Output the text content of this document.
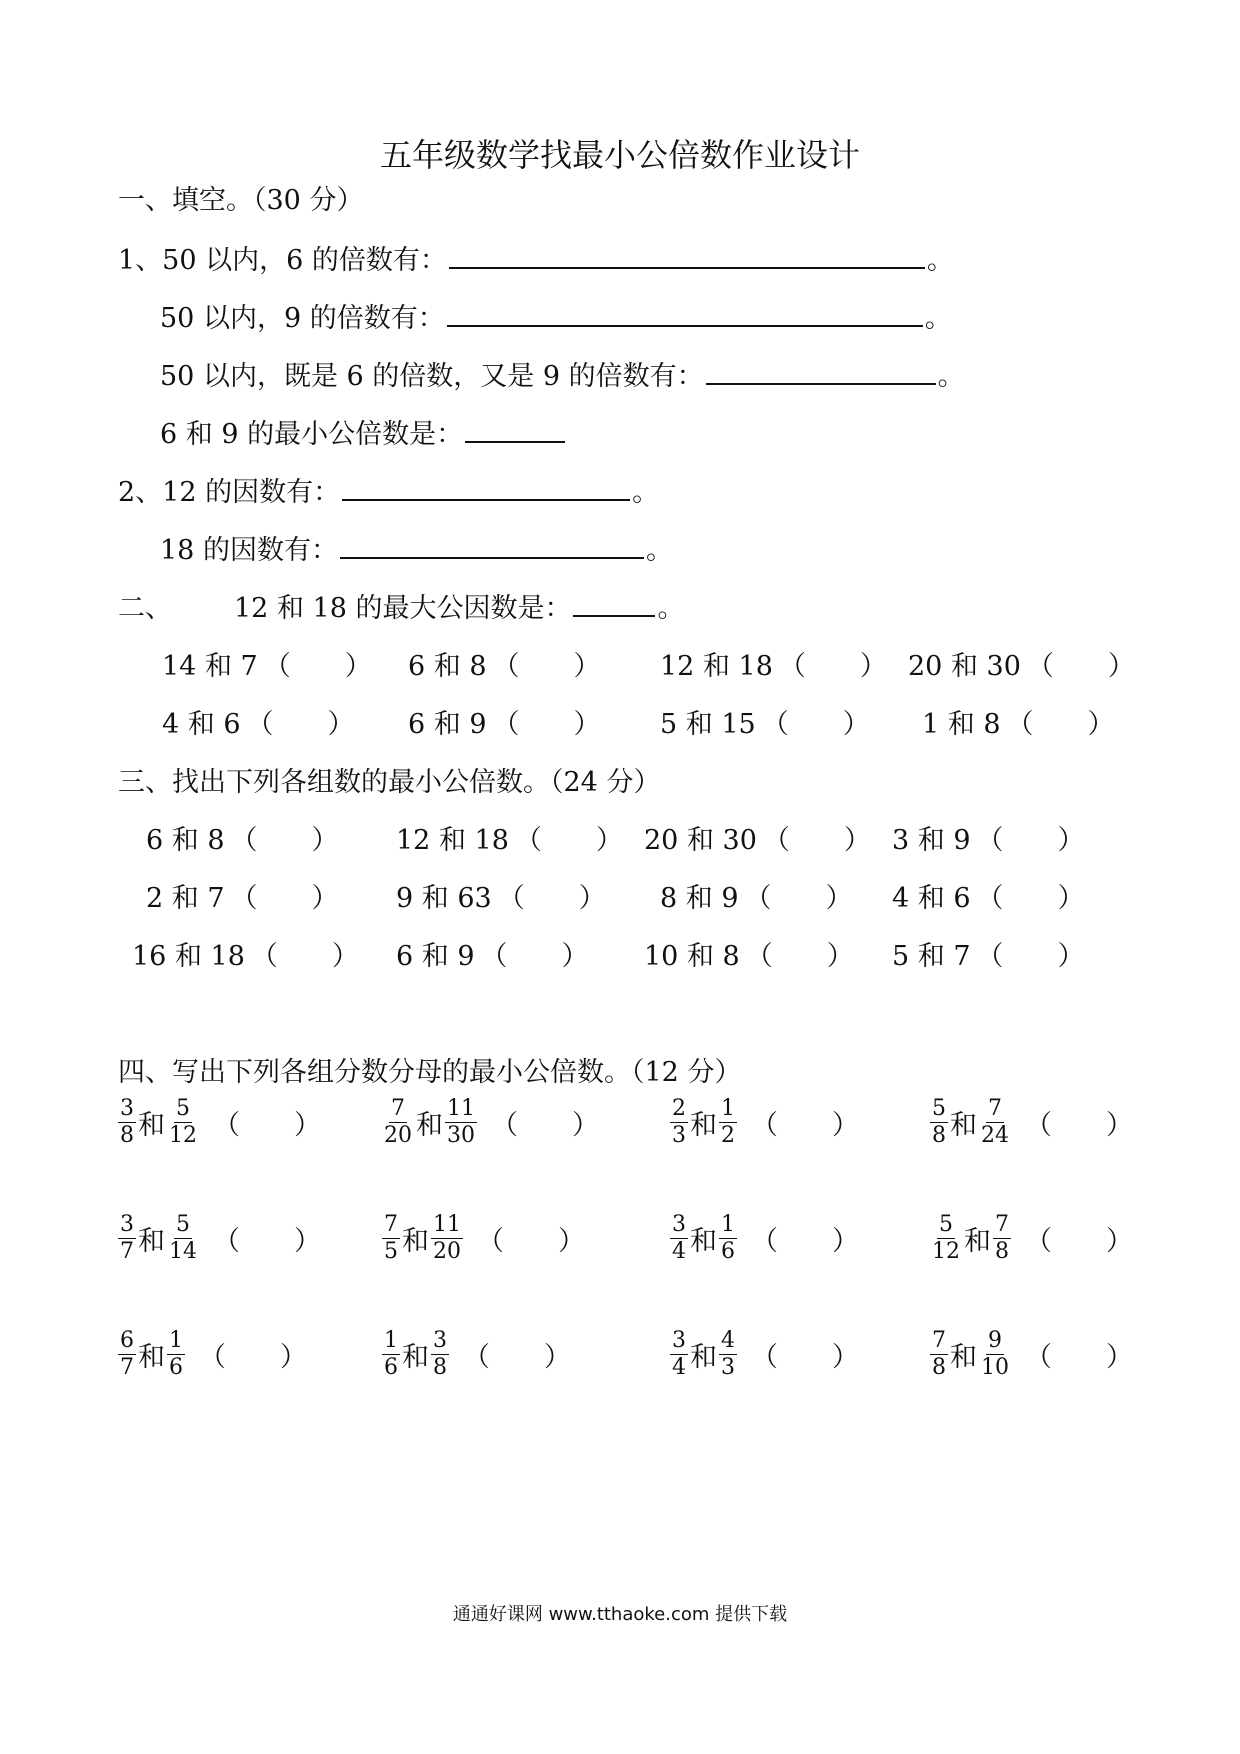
五年级数学找最小公倍数作业设计
一、填空。（30 分）
1、50 以内，6 的倍数有：	。
50 以内，9 的倍数有：	。
50 以内，既是 6 的倍数，又是 9 的倍数有：	。
6 和 9 的最小公倍数是：
2、12 的因数有：	。
18 的因数有：	。
二、 12 和 18 的最大公因数是：	。
14 和 7 （　　） 6 和 8 （　　） 12 和 18 （　　） 20 和 30 （　　）
4 和 6 （　　） 6 和 9 （　　） 5 和 15 （　　） 1 和 8 （　　）
三、找出下列各组数的最小公倍数。（24 分）
6 和 8 （　　） 12 和 18 （　　） 20 和 30 （　　） 3 和 9 （　　）
2 和 7 （　　） 9 和 63 （　　） 8 和 9 （　　） 4 和 6 （　　）
16 和 18 （　　） 6 和 9 （　　） 10 和 8 （　　） 5 和 7 （　　）
四、写出下列各组分数分母的最小公倍数。（12 分）
$\frac{3}{8}$ 和 $\frac{5}{12}$ （　　）	$\frac{7}{20}$ 和 $\frac{11}{30}$ （　　）	$\frac{2}{3}$ 和 $\frac{1}{2}$ （　　）	$\frac{5}{8}$ 和 $\frac{7}{24}$ （　　）
$\frac{3}{7}$ 和 $\frac{5}{14}$ （　　）	$\frac{7}{5}$ 和 $\frac{11}{20}$ （　　）	$\frac{3}{4}$ 和 $\frac{1}{6}$ （　　）	$\frac{5}{12}$ 和 $\frac{7}{8}$ （　　）
$\frac{6}{7}$ 和 $\frac{1}{6}$ （　　）	$\frac{1}{6}$ 和 $\frac{3}{8}$ （　　）	$\frac{3}{4}$ 和 $\frac{4}{3}$ （　　）	$\frac{7}{8}$ 和 $\frac{9}{10}$ （　　）
通通好课网 www.tthaoke.com 提供下载
